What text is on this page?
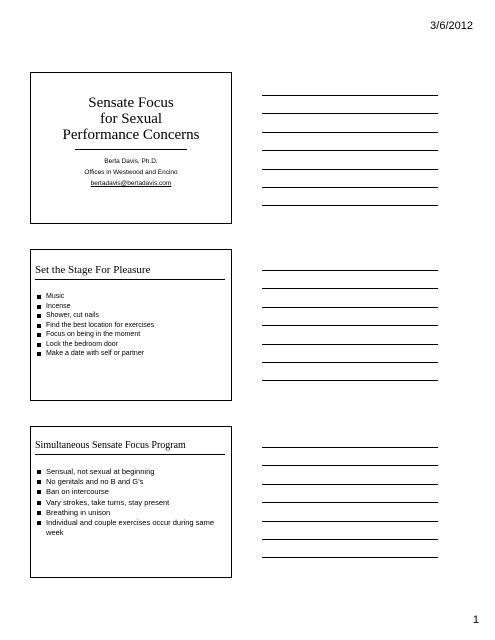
3/6/2012
Sensate Focus
for Sexual
Performance Concerns
Berta Davis, Ph.D.
Offices in Westwood and Encino
bertadavis@bertadavis.com
Set the Stage For Pleasure
Music
Incense
Shower, cut nails
Find the best location for exercises
Focus on being in the moment
Lock the bedroom door
Make a date with self or partner
Simultaneous Sensate Focus Program
Sensual, not sexual at beginning
No genitals and no B and G’s
Ban on intercourse
Vary strokes, take turns, stay present
Breathing in unison
Individual and couple exercises occur during same week
1
